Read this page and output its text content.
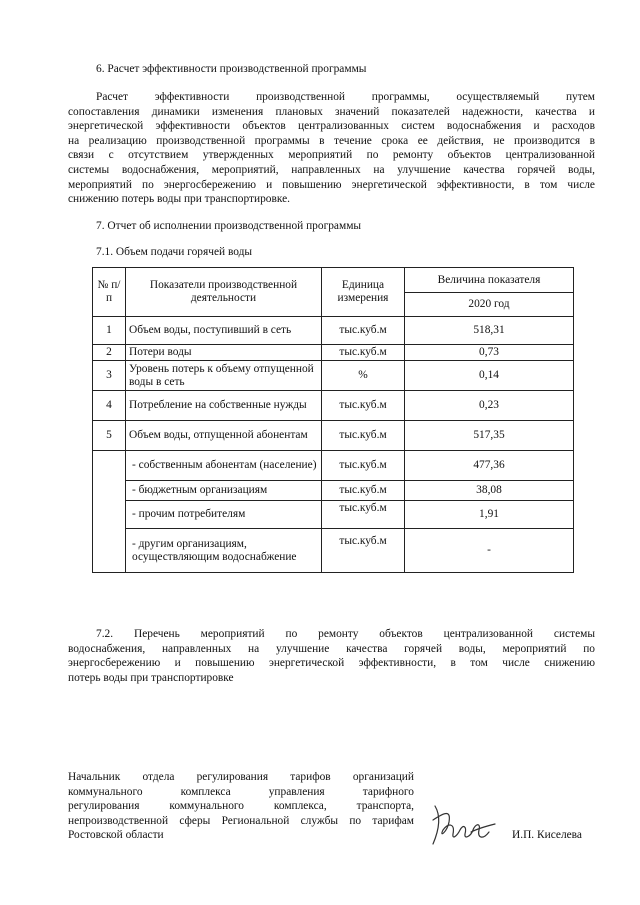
6. Расчет эффективности производственной программы
Расчет эффективности производственной программы, осуществляемый путем
сопоставления динамики изменения плановых значений показателей надежности, качества и
энергетической эффективности объектов централизованных систем водоснабжения и расходов
на реализацию производственной программы в течение срока ее действия, не производится в
связи с отсутствием утвержденных мероприятий по ремонту объектов централизованной
системы водоснабжения, мероприятий, направленных на улучшение качества горячей воды,
мероприятий по энергосбережению и повышению энергетической эффективности, в том числе
снижению потерь воды при транспортировке.
7. Отчет об исполнении производственной программы
7.1. Объем подачи горячей воды
№ п/п	Показатели производственной деятельности	Единица измерения	Величина показателя
			2020 год
1	Объем воды, поступивший в сеть	тыс.куб.м	518,31
2	Потери воды	тыс.куб.м	0,73
3	Уровень потерь к объему отпущенной воды в сеть	%	0,14
4	Потребление на собственные нужды	тыс.куб.м	0,23
5	Объем воды, отпущенной абонентам	тыс.куб.м	517,35
	- собственным абонентам (население)	тыс.куб.м	477,36
	- бюджетным организациям	тыс.куб.м	38,08
	- прочим потребителям	тыс.куб.м	1,91
	- другим организациям, осуществляющим водоснабжение	тыс.куб.м	-
7.2. Перечень мероприятий по ремонту объектов централизованной системы
водоснабжения, направленных на улучшение качества горячей воды, мероприятий по
энергосбережению и повышению энергетической эффективности, в том числе снижению
потерь воды при транспортировке
Начальник отдела регулирования тарифов организаций
коммунального комплекса управления тарифного
регулирования коммунального комплекса, транспорта,
непроизводственной сферы Региональной службы по тарифам
Ростовской области	И.П. Киселева
